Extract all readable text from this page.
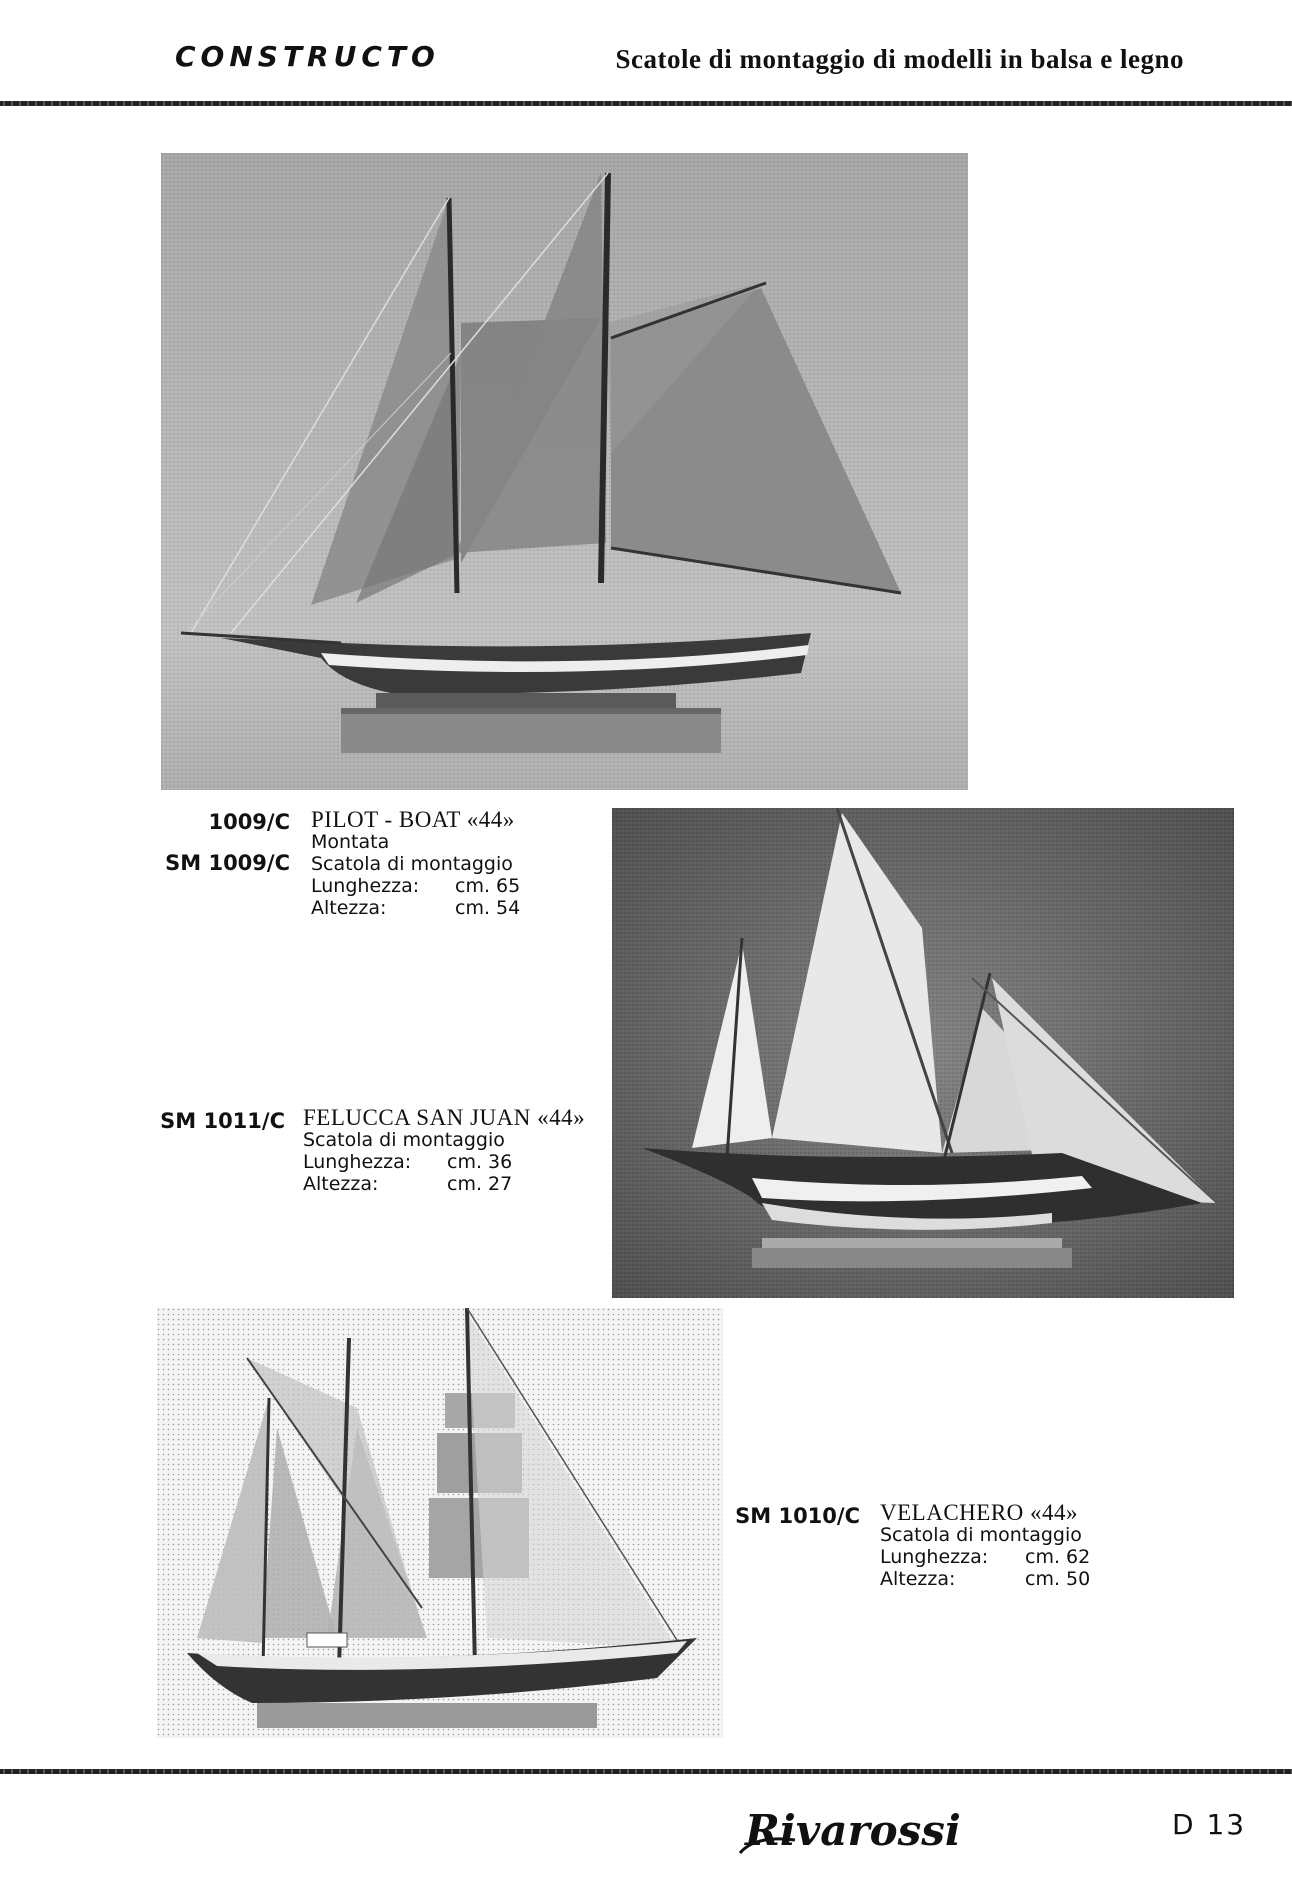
CONSTRUCTO	Scatole di montaggio di modelli in balsa e legno
1009/C PILOT - BOAT «44»
Montata
SM 1009/C Scatola di montaggio
Lunghezza: cm. 65
Altezza:	cm. 54
SM 1011/C FELUCCA SAN JUAN «44»
Scatola di montaggio
Lunghezza: cm. 36
Altezza:	cm. 27
SM 1010/C VELACHERO «44»
Scatola di montaggio
Lunghezza: cm. 62
Altezza:	cm. 50
Rivarossi	D 13
